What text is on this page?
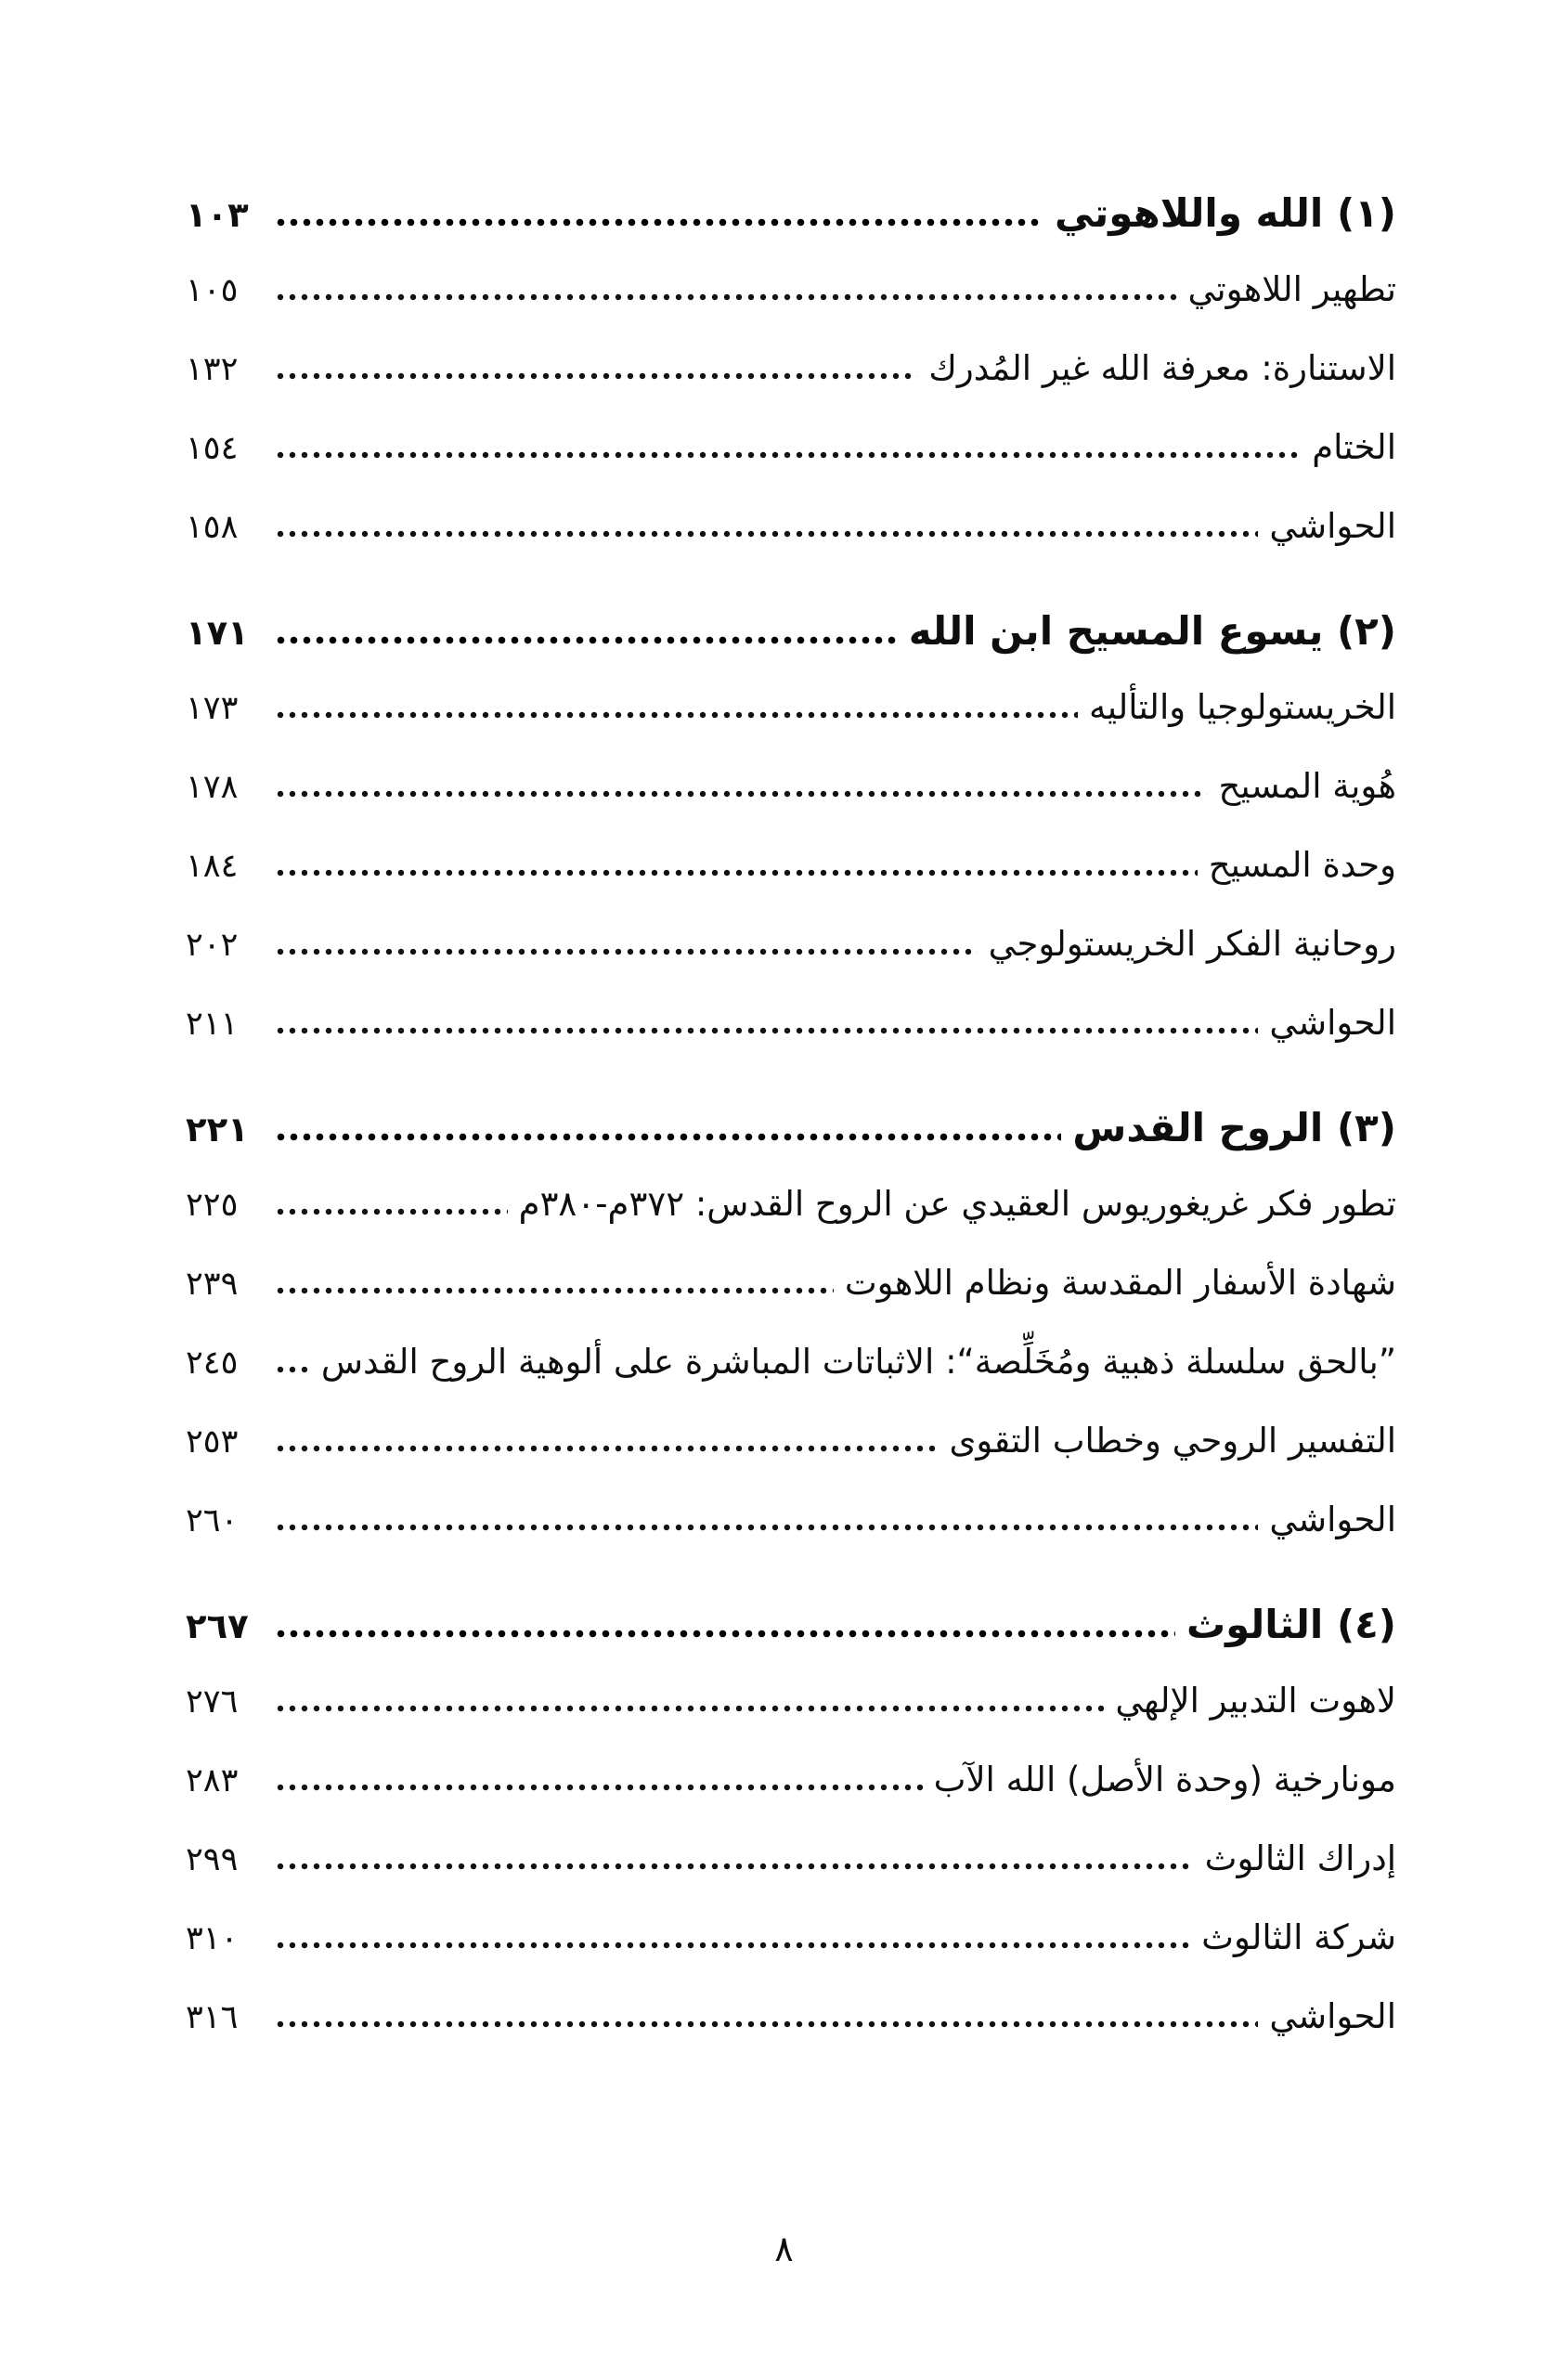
(١) الله واللاهوتي
١٠٣
تطهير اللاهوتي
١٠٥
الاستنارة: معرفة الله غير المُدرك
١٣٢
الختام
١٥٤
الحواشي
١٥٨
(٢) يسوع المسيح ابن الله
١٧١
الخريستولوجيا والتأليه
١٧٣
هُوية المسيح
١٧٨
وحدة المسيح
١٨٤
روحانية الفكر الخريستولوجي
٢٠٢
الحواشي
٢١١
(٣) الروح القدس
٢٢١
تطور فكر غريغوريوس العقيدي عن الروح القدس: ٣٧٢م-٣٨٠م
٢٢٥
شهادة الأسفار المقدسة ونظام اللاهوت
٢٣٩
”بالحق سلسلة ذهبية ومُخَلِّصة“: الاثباتات المباشرة على ألوهية الروح القدس
٢٤٥
التفسير الروحي وخطاب التقوى
٢٥٣
الحواشي
٢٦٠
(٤) الثالوث
٢٦٧
لاهوت التدبير الإلهي
٢٧٦
مونارخية (وحدة الأصل) الله الآب
٢٨٣
إدراك الثالوث
٢٩٩
شركة الثالوث
٣١٠
الحواشي
٣١٦
٨
